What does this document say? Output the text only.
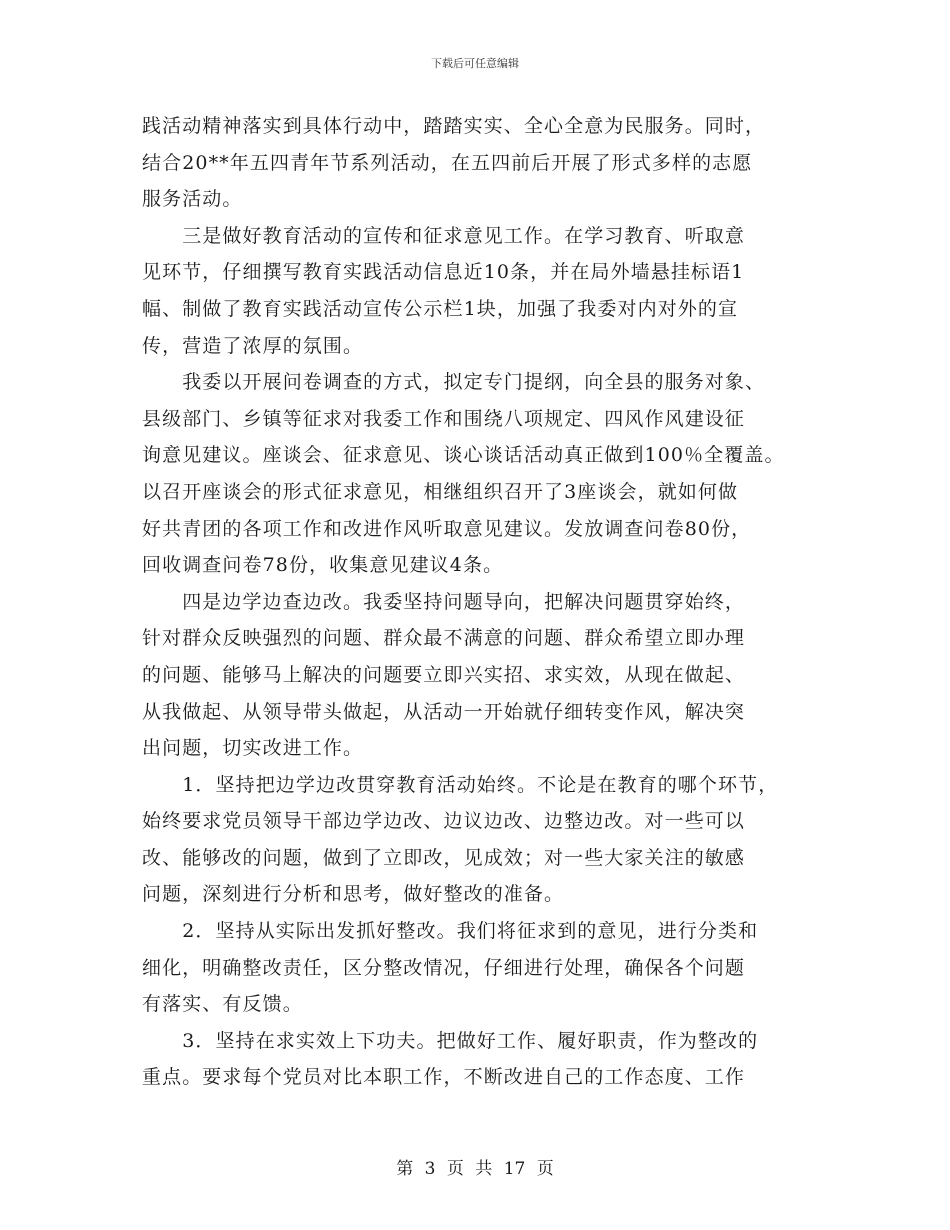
下载后可任意编辑
践活动精神落实到具体行动中，踏踏实实、全心全意为民服务。同时，
结合20**年五四青年节系列活动，在五四前后开展了形式多样的志愿
服务活动。
　　三是做好教育活动的宣传和征求意见工作。在学习教育、听取意
见环节，仔细撰写教育实践活动信息近10条，并在局外墙悬挂标语1
幅、制做了教育实践活动宣传公示栏1块，加强了我委对内对外的宣
传，营造了浓厚的氛围。
　　我委以开展问卷调查的方式，拟定专门提纲，向全县的服务对象、
县级部门、乡镇等征求对我委工作和围绕八项规定、四风作风建设征
询意见建议。座谈会、征求意见、谈心谈话活动真正做到100％全覆盖。
以召开座谈会的形式征求意见，相继组织召开了3座谈会，就如何做
好共青团的各项工作和改进作风听取意见建议。发放调查问卷80份，
回收调查问卷78份，收集意见建议4条。
　　四是边学边查边改。我委坚持问题导向，把解决问题贯穿始终，
针对群众反映强烈的问题、群众最不满意的问题、群众希望立即办理
的问题、能够马上解决的问题要立即兴实招、求实效，从现在做起、
从我做起、从领导带头做起，从活动一开始就仔细转变作风，解决突
出问题，切实改进工作。
　　1．坚持把边学边改贯穿教育活动始终。不论是在教育的哪个环节，
始终要求党员领导干部边学边改、边议边改、边整边改。对一些可以
改、能够改的问题，做到了立即改，见成效；对一些大家关注的敏感
问题，深刻进行分析和思考，做好整改的准备。
　　2．坚持从实际出发抓好整改。我们将征求到的意见，进行分类和
细化，明确整改责任，区分整改情况，仔细进行处理，确保各个问题
有落实、有反馈。
　　3．坚持在求实效上下功夫。把做好工作、履好职责，作为整改的
重点。要求每个党员对比本职工作，不断改进自己的工作态度、工作
第 3 页 共 17 页
